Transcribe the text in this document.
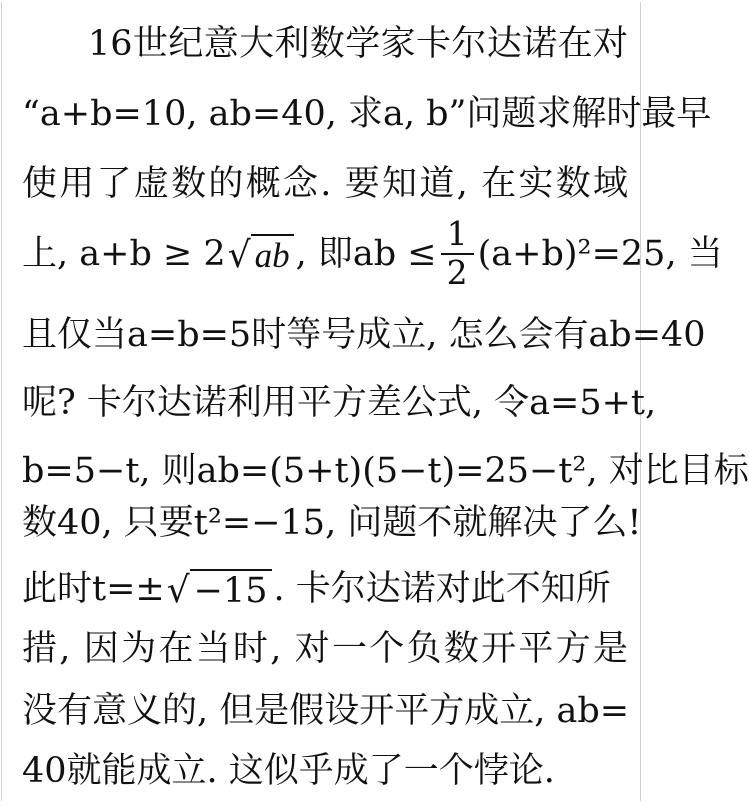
16世纪意大利数学家卡尔达诺在对
“a+b=10, ab=40, 求a, b”问题求解时最早
使用了虚数的概念. 要知道, 在实数域
上, a+b ≥ 2 √ ab , 即ab ≤ $\frac{1}{2} (a+b)^2=25$, 当
且仅当a=b=5时等号成立, 怎么会有ab=40
呢? 卡尔达诺利用平方差公式, 令a=5+t,
b=5−t, 则ab=(5+t)(5−t)=25−t², 对比目标
数40, 只要t²=−15, 问题不就解决了么!
此时t=± √ −15 . 卡尔达诺对此不知所
措, 因为在当时, 对一个负数开平方是
没有意义的, 但是假设开平方成立, ab=
40就能成立. 这似乎成了一个悖论.
